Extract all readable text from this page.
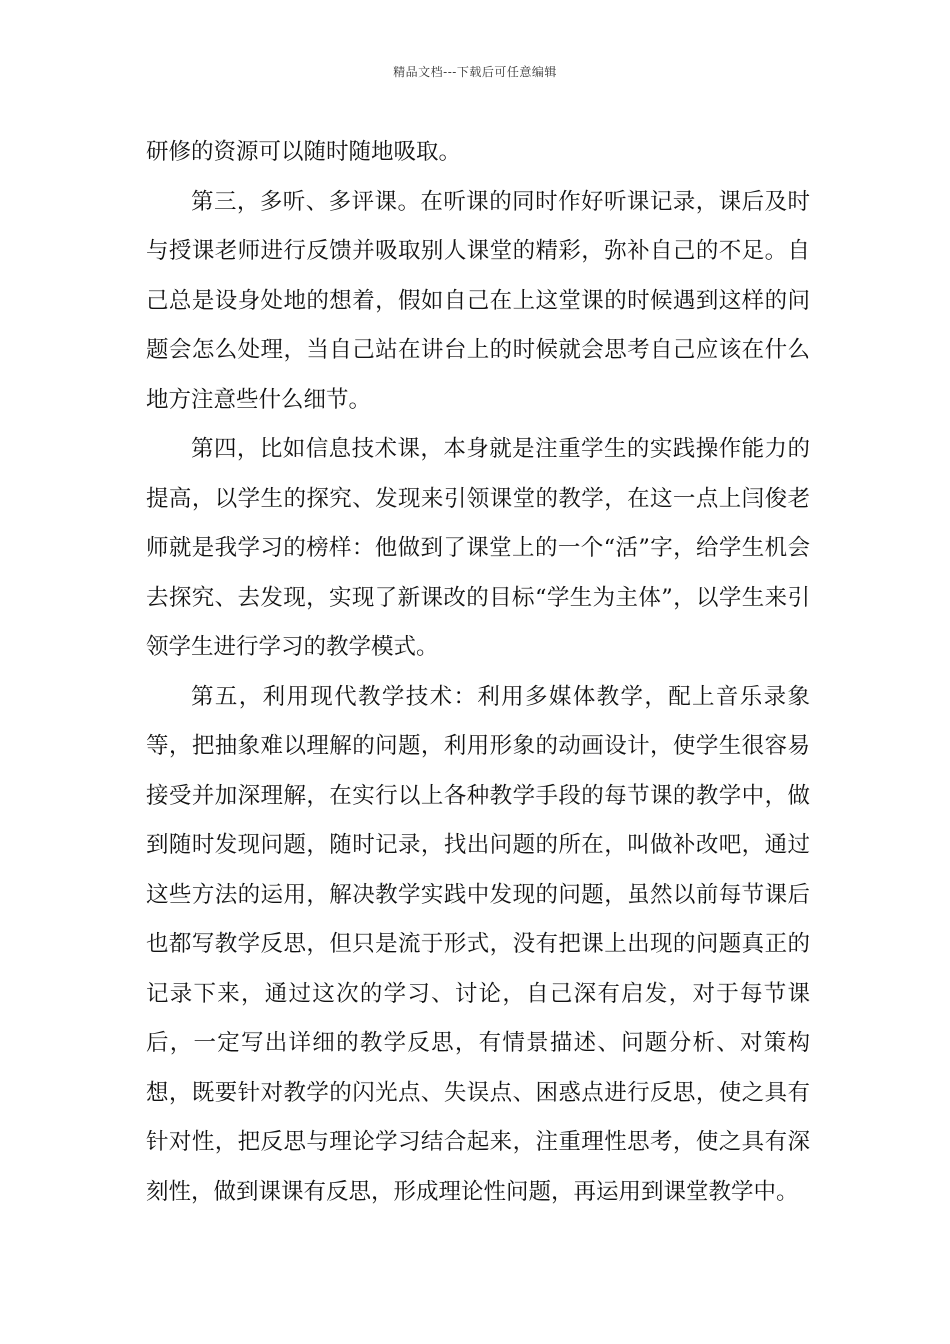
精品文档---下载后可任意编辑

研修的资源可以随时随地吸取。

第三，多听、多评课。在听课的同时作好听课记录，课后及时与授课老师进行反馈并吸取别人课堂的精彩，弥补自己的不足。自己总是设身处地的想着，假如自己在上这堂课的时候遇到这样的问题会怎么处理，当自己站在讲台上的时候就会思考自己应该在什么地方注意些什么细节。

第四，比如信息技术课，本身就是注重学生的实践操作能力的提高，以学生的探究、发现来引领课堂的教学，在这一点上闫俊老师就是我学习的榜样：他做到了课堂上的一个“活”字，给学生机会去探究、去发现，实现了新课改的目标“学生为主体”，以学生来引领学生进行学习的教学模式。

第五，利用现代教学技术：利用多媒体教学，配上音乐录象等，把抽象难以理解的问题，利用形象的动画设计，使学生很容易接受并加深理解，在实行以上各种教学手段的每节课的教学中，做到随时发现问题，随时记录，找出问题的所在，叫做补改吧，通过这些方法的运用，解决教学实践中发现的问题，虽然以前每节课后也都写教学反思，但只是流于形式，没有把课上出现的问题真正的记录下来，通过这次的学习、讨论，自己深有启发，对于每节课后，一定写出详细的教学反思，有情景描述、问题分析、对策构想，既要针对教学的闪光点、失误点、困惑点进行反思，使之具有针对性，把反思与理论学习结合起来，注重理性思考，使之具有深刻性，做到课课有反思，形成理论性问题，再运用到课堂教学中。
